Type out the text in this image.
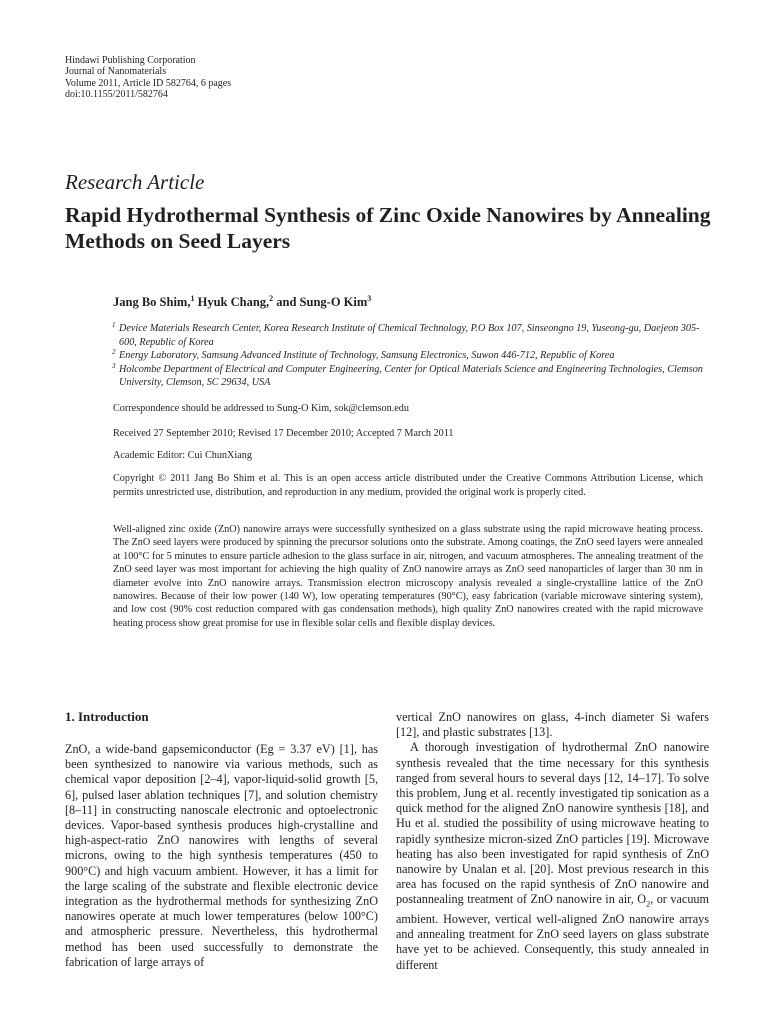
Hindawi Publishing Corporation
Journal of Nanomaterials
Volume 2011, Article ID 582764, 6 pages
doi:10.1155/2011/582764
Research Article
Rapid Hydrothermal Synthesis of Zinc Oxide Nanowires by Annealing Methods on Seed Layers
Jang Bo Shim,$^1$ Hyuk Chang,$^2$ and Sung-O Kim$^3$
1 Device Materials Research Center, Korea Research Institute of Chemical Technology, P.O Box 107, Sinseongno 19, Yuseong-gu, Daejeon 305-600, Republic of Korea
2 Energy Laboratory, Samsung Advanced Institute of Technology, Samsung Electronics, Suwon 446-712, Republic of Korea
3 Holcombe Department of Electrical and Computer Engineering, Center for Optical Materials Science and Engineering Technologies, Clemson University, Clemson, SC 29634, USA
Correspondence should be addressed to Sung-O Kim, sok@clemson.edu
Received 27 September 2010; Revised 17 December 2010; Accepted 7 March 2011
Academic Editor: Cui ChunXiang
Copyright © 2011 Jang Bo Shim et al. This is an open access article distributed under the Creative Commons Attribution License, which permits unrestricted use, distribution, and reproduction in any medium, provided the original work is properly cited.
Well-aligned zinc oxide (ZnO) nanowire arrays were successfully synthesized on a glass substrate using the rapid microwave heating process. The ZnO seed layers were produced by spinning the precursor solutions onto the substrate. Among coatings, the ZnO seed layers were annealed at 100°C for 5 minutes to ensure particle adhesion to the glass surface in air, nitrogen, and vacuum atmospheres. The annealing treatment of the ZnO seed layer was most important for achieving the high quality of ZnO nanowire arrays as ZnO seed nanoparticles of larger than 30 nm in diameter evolve into ZnO nanowire arrays. Transmission electron microscopy analysis revealed a single-crystalline lattice of the ZnO nanowires. Because of their low power (140 W), low operating temperatures (90°C), easy fabrication (variable microwave sintering system), and low cost (90% cost reduction compared with gas condensation methods), high quality ZnO nanowires created with the rapid microwave heating process show great promise for use in flexible solar cells and flexible display devices.
1. Introduction

ZnO, a wide-band gapsemiconductor (Eg = 3.37 eV) [1], has been synthesized to nanowire via various methods, such as chemical vapor deposition [2–4], vapor-liquid-solid growth [5, 6], pulsed laser ablation techniques [7], and solution chemistry [8–11] in constructing nanoscale electronic and optoelectronic devices. Vapor-based synthesis produces high-crystalline and high-aspect-ratio ZnO nanowires with lengths of several microns, owing to the high synthesis temperatures (450 to 900°C) and high vacuum ambient. However, it has a limit for the large scaling of the substrate and flexible electronic device integration as the hydrothermal methods for synthesizing ZnO nanowires operate at much lower temperatures (below 100°C) and atmospheric pressure. Nevertheless, this hydrothermal method has been used successfully to demonstrate the fabrication of large arrays of

vertical ZnO nanowires on glass, 4-inch diameter Si wafers [12], and plastic substrates [13].

A thorough investigation of hydrothermal ZnO nanowire synthesis revealed that the time necessary for this synthesis ranged from several hours to several days [12, 14–17]. To solve this problem, Jung et al. recently investigated tip sonication as a quick method for the aligned ZnO nanowire synthesis [18], and Hu et al. studied the possibility of using microwave heating to rapidly synthesize micron-sized ZnO particles [19]. Microwave heating has also been investigated for rapid synthesis of ZnO nanowire by Unalan et al. [20]. Most previous research in this area has focused on the rapid synthesis of ZnO nanowire and postannealing treatment of ZnO nanowire in air, $O_2$, or vacuum ambient. However, vertical well-aligned ZnO nanowire arrays and annealing treatment for ZnO seed layers on glass substrate have yet to be achieved. Consequently, this study annealed in different
